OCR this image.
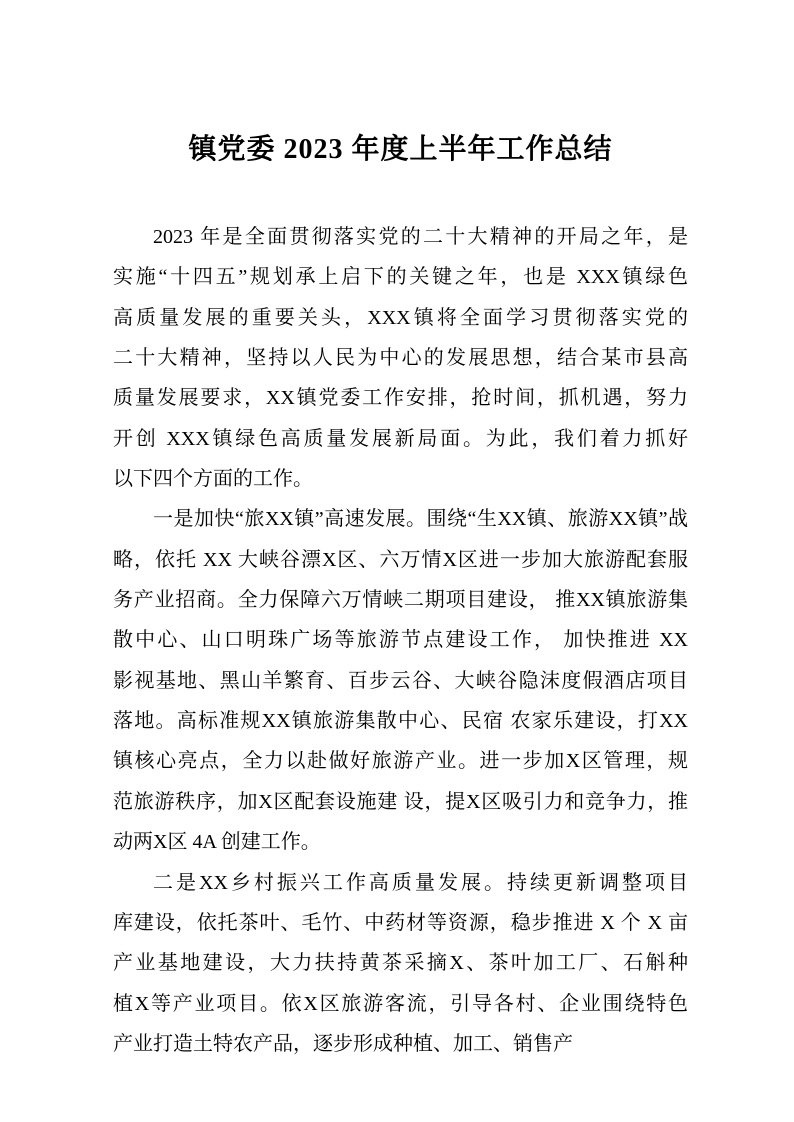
镇党委 2023 年度上半年工作总结
2023 年是全面贯彻落实党的二十大精神的开局之年，是
实施“十四五”规划承上启下的关键之年，也是 XXX镇绿色
高质量发展的重要关头，XXX镇将全面学习贯彻落实党的
二十大精神，坚持以人民为中心的发展思想，结合某市县高
质量发展要求，XX镇党委工作安排，抢时间，抓机遇，努力
开创 XXX镇绿色高质量发展新局面。为此，我们着力抓好
以下四个方面的工作。
一是加快“旅XX镇”高速发展。围绕“生XX镇、旅游XX镇”战
略，依托 XX 大峡谷漂X区、六万情X区进一步加大旅游配套服
务产业招商。全力保障六万情峡二期项目建设， 推XX镇旅游集
散中心、山口明珠广场等旅游节点建设工作， 加快推进 XX
影视基地、黑山羊繁育、百步云谷、大峡谷隐沫度假酒店项目
落地。高标准规XX镇旅游集散中心、民宿 农家乐建设，打XX
镇核心亮点，全力以赴做好旅游产业。进一步加X区管理，规
范旅游秩序，加X区配套设施建 设，提X区吸引力和竞争力，推
动两X区 4A 创建工作。
二是XX乡村振兴工作高质量发展。持续更新调整项目
库建设，依托茶叶、毛竹、中药材等资源，稳步推进 X 个 X 亩
产业基地建设，大力扶持黄茶采摘X、茶叶加工厂、石斛种
植X等产业项目。依X区旅游客流，引导各村、企业围绕特色
产业打造土特农产品，逐步形成种植、加工、销售产
